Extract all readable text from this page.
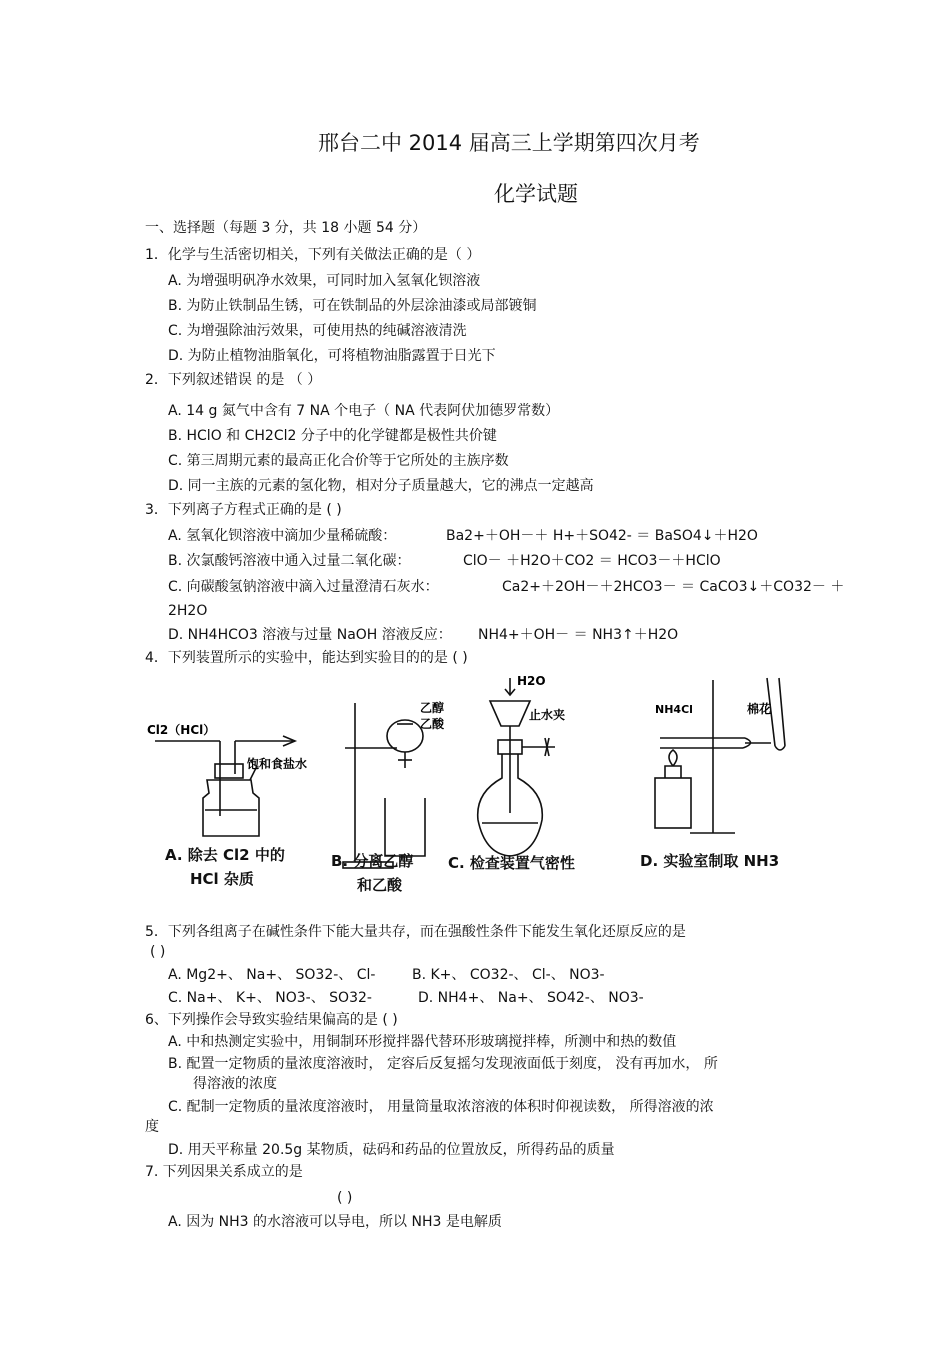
邢台二中 2014 届高三上学期第四次月考
化学试题
一、选择题（每题 3 分，共 18 小题 54 分）
1．化学与生活密切相关，下列有关做法正确的是（ ）
A. 为增强明矾净水效果，可同时加入氢氧化钡溶液
B. 为防止铁制品生锈，可在铁制品的外层涂油漆或局部镀铜
C. 为增强除油污效果，可使用热的纯碱溶液清洗
D. 为防止植物油脂氧化，可将植物油脂露置于日光下
2．下列叙述错误 的是 （ ）
A. 14 g 氮气中含有 7 NA 个电子（ NA 代表阿伏加德罗常数）
B. HClO 和 CH2Cl2 分子中的化学键都是极性共价键
C. 第三周期元素的最高正化合价等于它所处的主族序数
D. 同一主族的元素的氢化物，相对分子质量越大，它的沸点一定越高
3．下列离子方程式正确的是 ( )
A. 氢氧化钡溶液中滴加少量稀硫酸：	Ba2+＋OH－＋ H+＋SO42- ＝ BaSO4↓＋H2O
B. 次氯酸钙溶液中通入过量二氧化碳：	ClO－ ＋H2O＋CO2 ＝ HCO3－＋HClO
C. 向碳酸氢钠溶液中滴入过量澄清石灰水：	Ca2+＋2OH－＋2HCO3－ ＝ CaCO3↓＋CO32－ ＋
2H2O
D. NH4HCO3 溶液与过量 NaOH 溶液反应： NH4+＋OH－ ＝ NH3↑＋H2O
4．下列装置所示的实验中，能达到实验目的的是 ( )
Cl2（HCl）
饱和食盐水
乙醇
乙酸
H2O
止水夹	NH4Cl	棉花
A. 除去 Cl2 中的
HCl 杂质
B. 分离乙醇
和乙酸
C. 检查装置气密性	D. 实验室制取 NH3
5．下列各组离子在碱性条件下能大量共存，而在强酸性条件下能发生氧化还原反应的是
( )
A. Mg2+、 Na+、 SO32-、 Cl-	B. K+、 CO32-、 Cl-、 NO3-
C. Na+、 K+、 NO3-、 SO32-	D. NH4+、 Na+、 SO42-、 NO3-
6、下列操作会导致实验结果偏高的是 ( )
A. 中和热测定实验中，用铜制环形搅拌器代替环形玻璃搅拌棒，所测中和热的数值
B. 配置一定物质的量浓度溶液时， 定容后反复摇匀发现液面低于刻度， 没有再加水， 所
得溶液的浓度
C. 配制一定物质的量浓度溶液时， 用量筒量取浓溶液的体积时仰视读数， 所得溶液的浓
度
D. 用天平称量 20.5g 某物质，砝码和药品的位置放反，所得药品的质量
7. 下列因果关系成立的是
( )
A. 因为 NH3 的水溶液可以导电，所以 NH3 是电解质
